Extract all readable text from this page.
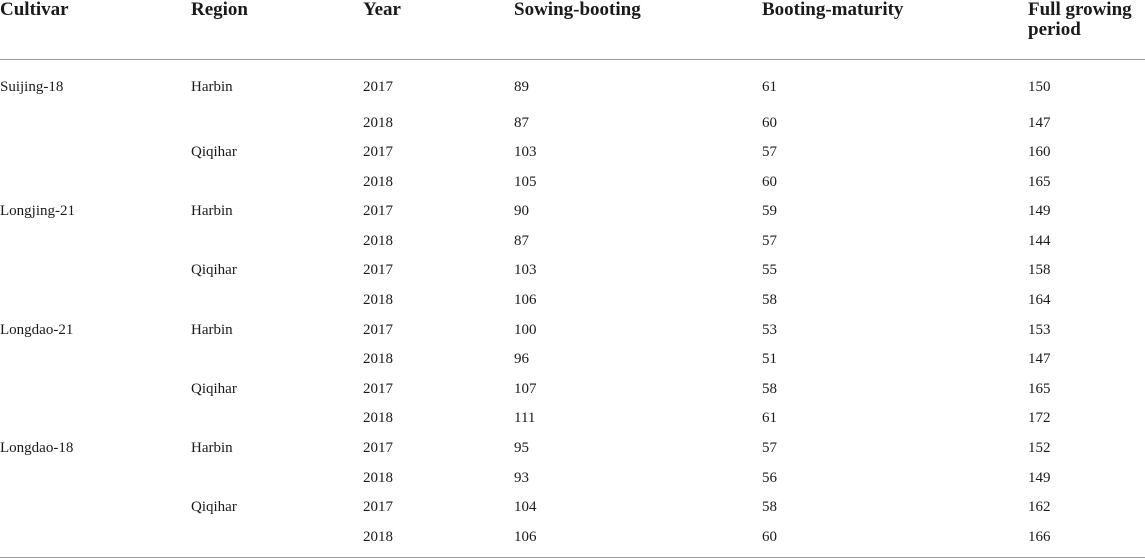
Cultivar	Region	Year	Sowing-booting	Booting-maturity	Full growing period
Suijing-18	Harbin	2017	89	61	150
		2018	87	60	147
	Qiqihar	2017	103	57	160
		2018	105	60	165
Longjing-21	Harbin	2017	90	59	149
		2018	87	57	144
	Qiqihar	2017	103	55	158
		2018	106	58	164
Longdao-21	Harbin	2017	100	53	153
		2018	96	51	147
	Qiqihar	2017	107	58	165
		2018	111	61	172
Longdao-18	Harbin	2017	95	57	152
		2018	93	56	149
	Qiqihar	2017	104	58	162
		2018	106	60	166
